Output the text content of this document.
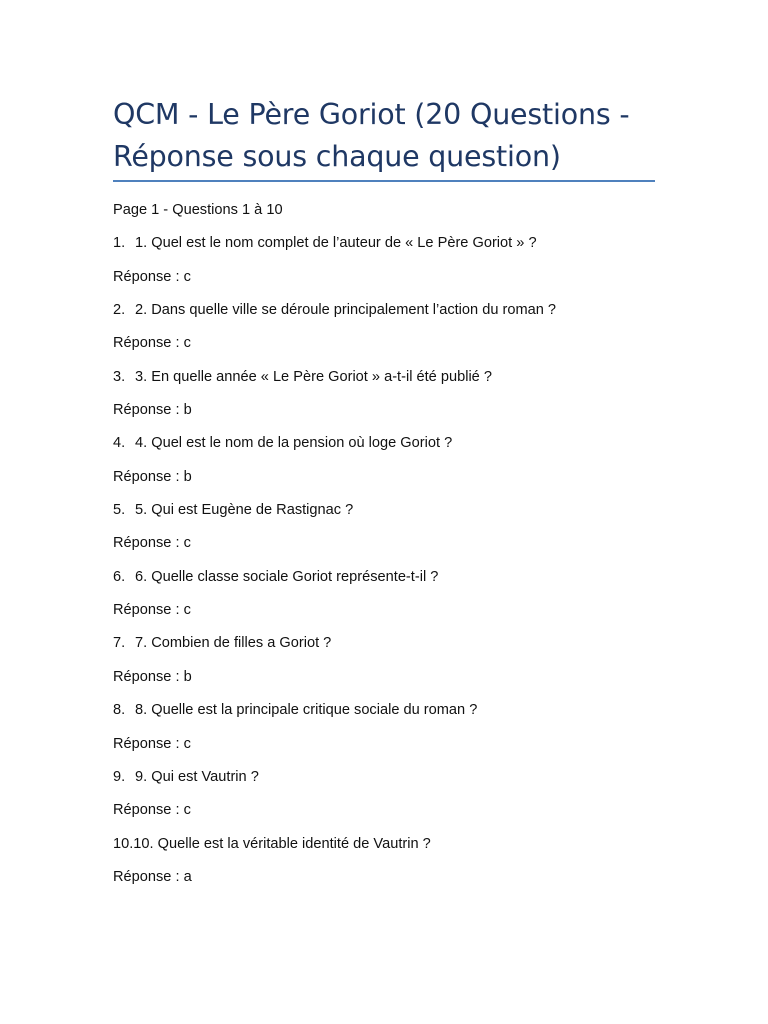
QCM - Le Père Goriot (20 Questions - Réponse sous chaque question)
Page 1 - Questions 1 à 10
1. 1. Quel est le nom complet de l’auteur de « Le Père Goriot » ?
Réponse : c
2. 2. Dans quelle ville se déroule principalement l’action du roman ?
Réponse : c
3. 3. En quelle année « Le Père Goriot » a-t-il été publié ?
Réponse : b
4. 4. Quel est le nom de la pension où loge Goriot ?
Réponse : b
5. 5. Qui est Eugène de Rastignac ?
Réponse : c
6. 6. Quelle classe sociale Goriot représente-t-il ?
Réponse : c
7. 7. Combien de filles a Goriot ?
Réponse : b
8. 8. Quelle est la principale critique sociale du roman ?
Réponse : c
9. 9. Qui est Vautrin ?
Réponse : c
10. 10. Quelle est la véritable identité de Vautrin ?
Réponse : a
